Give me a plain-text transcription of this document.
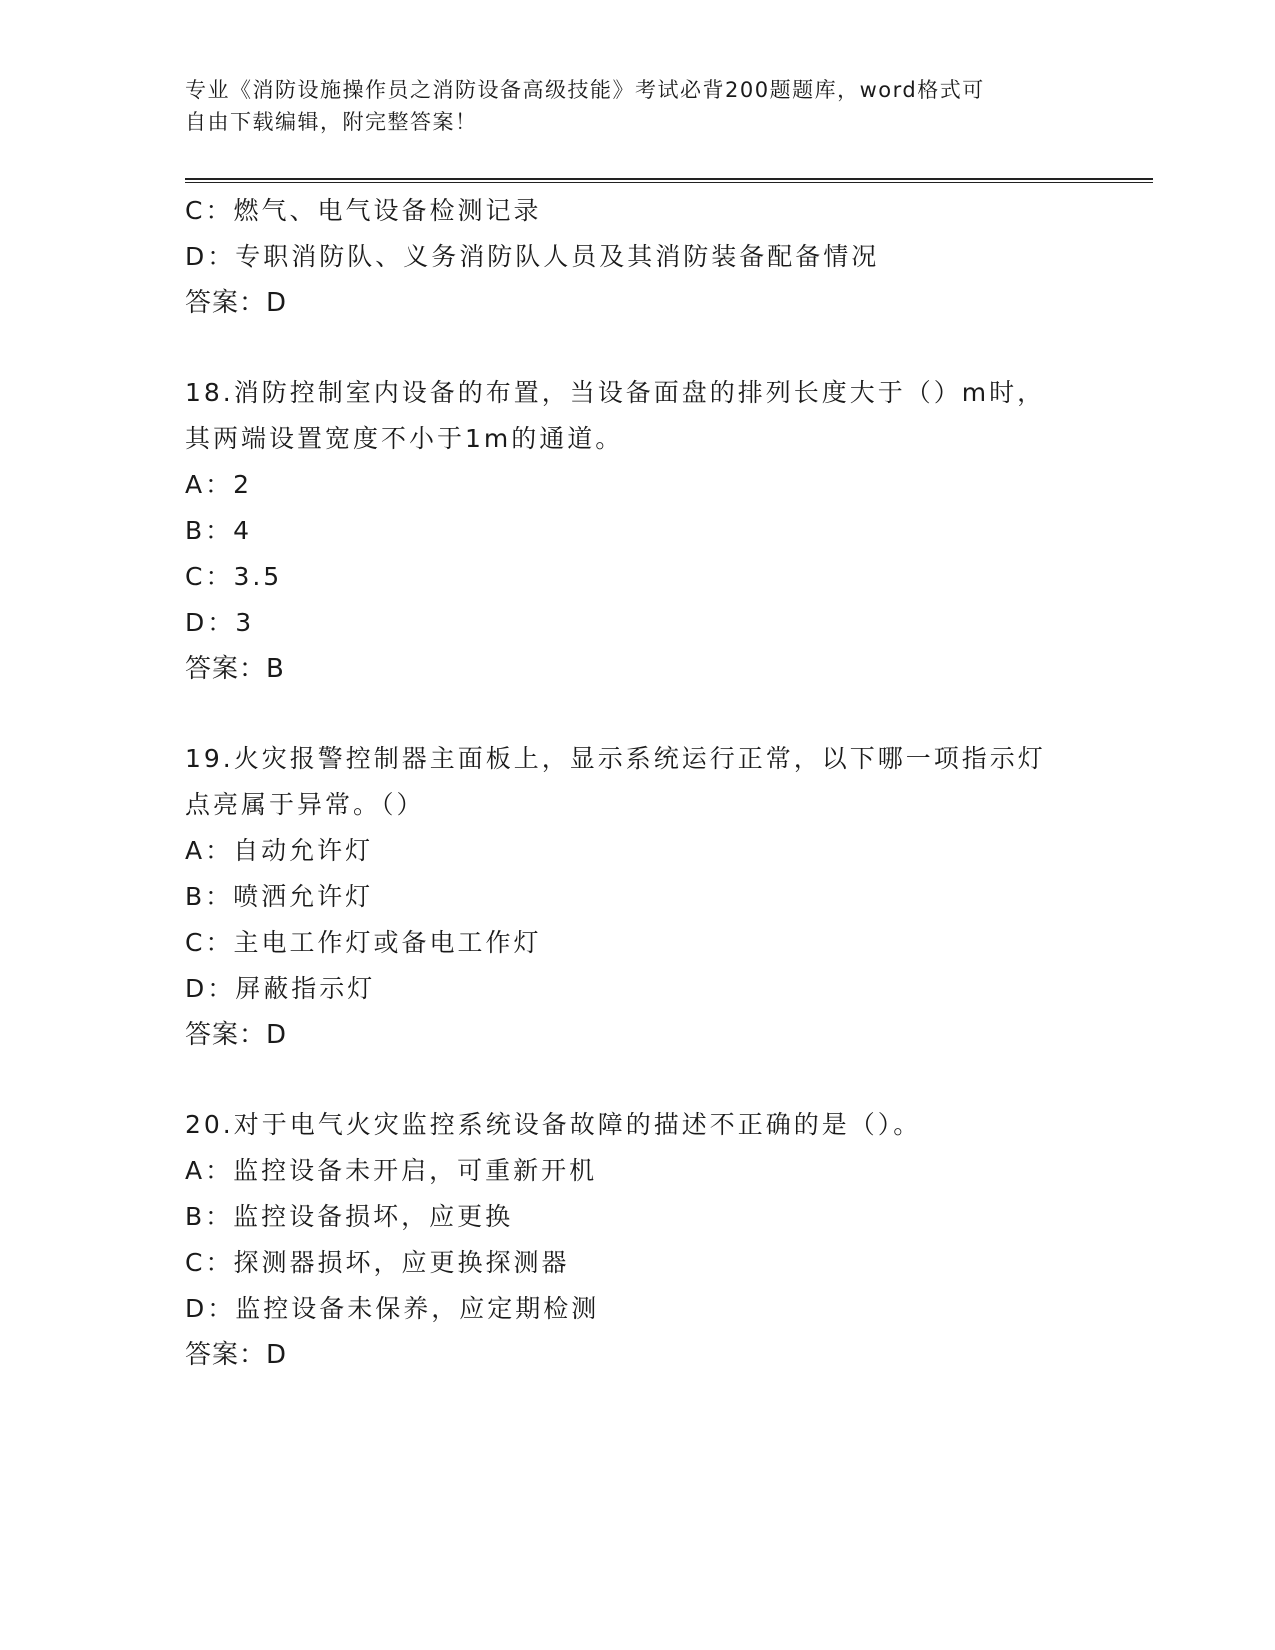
专业《消防设施操作员之消防设备高级技能》考试必背200题题库，word格式可
自由下载编辑，附完整答案！
C：燃气、电气设备检测记录
D：专职消防队、义务消防队人员及其消防装备配备情况
答案：D
18.消防控制室内设备的布置，当设备面盘的排列长度大于（）m时，
其两端设置宽度不小于1m的通道。
A：2
B：4
C：3.5
D：3
答案：B
19.火灾报警控制器主面板上，显示系统运行正常，以下哪一项指示灯
点亮属于异常。（）
A：自动允许灯
B：喷洒允许灯
C：主电工作灯或备电工作灯
D：屏蔽指示灯
答案：D
20.对于电气火灾监控系统设备故障的描述不正确的是（）。
A：监控设备未开启，可重新开机
B：监控设备损坏，应更换
C：探测器损坏，应更换探测器
D：监控设备未保养，应定期检测
答案：D
